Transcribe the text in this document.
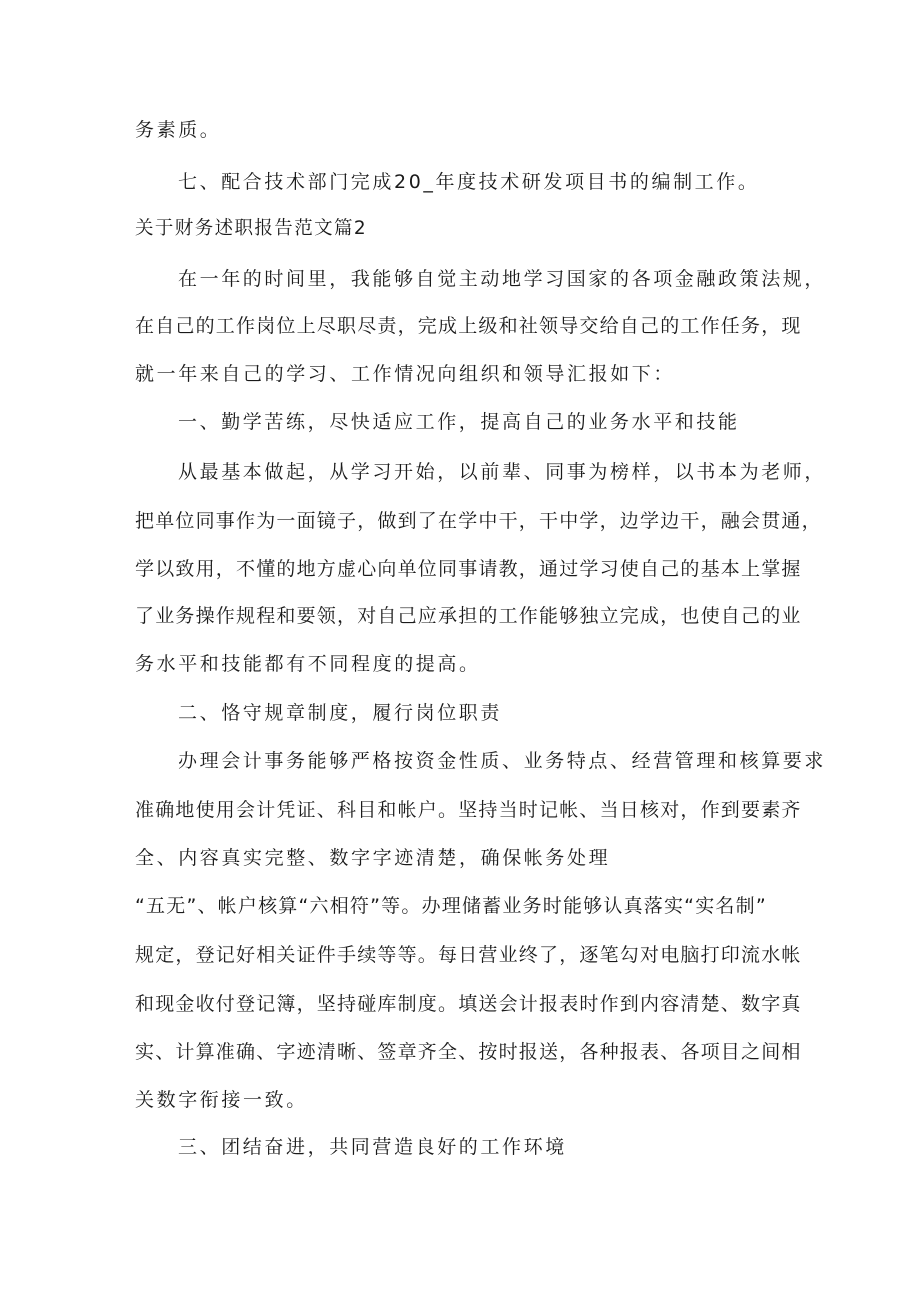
务素质。
七、配合技术部门完成20_年度技术研发项目书的编制工作。
关于财务述职报告范文篇2
在一年的时间里，我能够自觉主动地学习国家的各项金融政策法规，
在自己的工作岗位上尽职尽责，完成上级和社领导交给自己的工作任务，现
就一年来自己的学习、工作情况向组织和领导汇报如下：
一、勤学苦练，尽快适应工作，提高自己的业务水平和技能
从最基本做起，从学习开始，以前辈、同事为榜样，以书本为老师，
把单位同事作为一面镜子，做到了在学中干，干中学，边学边干，融会贯通，
学以致用，不懂的地方虚心向单位同事请教，通过学习使自己的基本上掌握
了业务操作规程和要领，对自己应承担的工作能够独立完成，也使自己的业
务水平和技能都有不同程度的提高。
二、恪守规章制度，履行岗位职责
办理会计事务能够严格按资金性质、业务特点、经营管理和核算要求
准确地使用会计凭证、科目和帐户。坚持当时记帐、当日核对，作到要素齐
全、内容真实完整、数字字迹清楚，确保帐务处理
“五无”、帐户核算“六相符”等。办理储蓄业务时能够认真落实“实名制”
规定，登记好相关证件手续等等。每日营业终了，逐笔勾对电脑打印流水帐
和现金收付登记簿，坚持碰库制度。填送会计报表时作到内容清楚、数字真
实、计算准确、字迹清晰、签章齐全、按时报送，各种报表、各项目之间相
关数字衔接一致。
三、团结奋进，共同营造良好的工作环境
